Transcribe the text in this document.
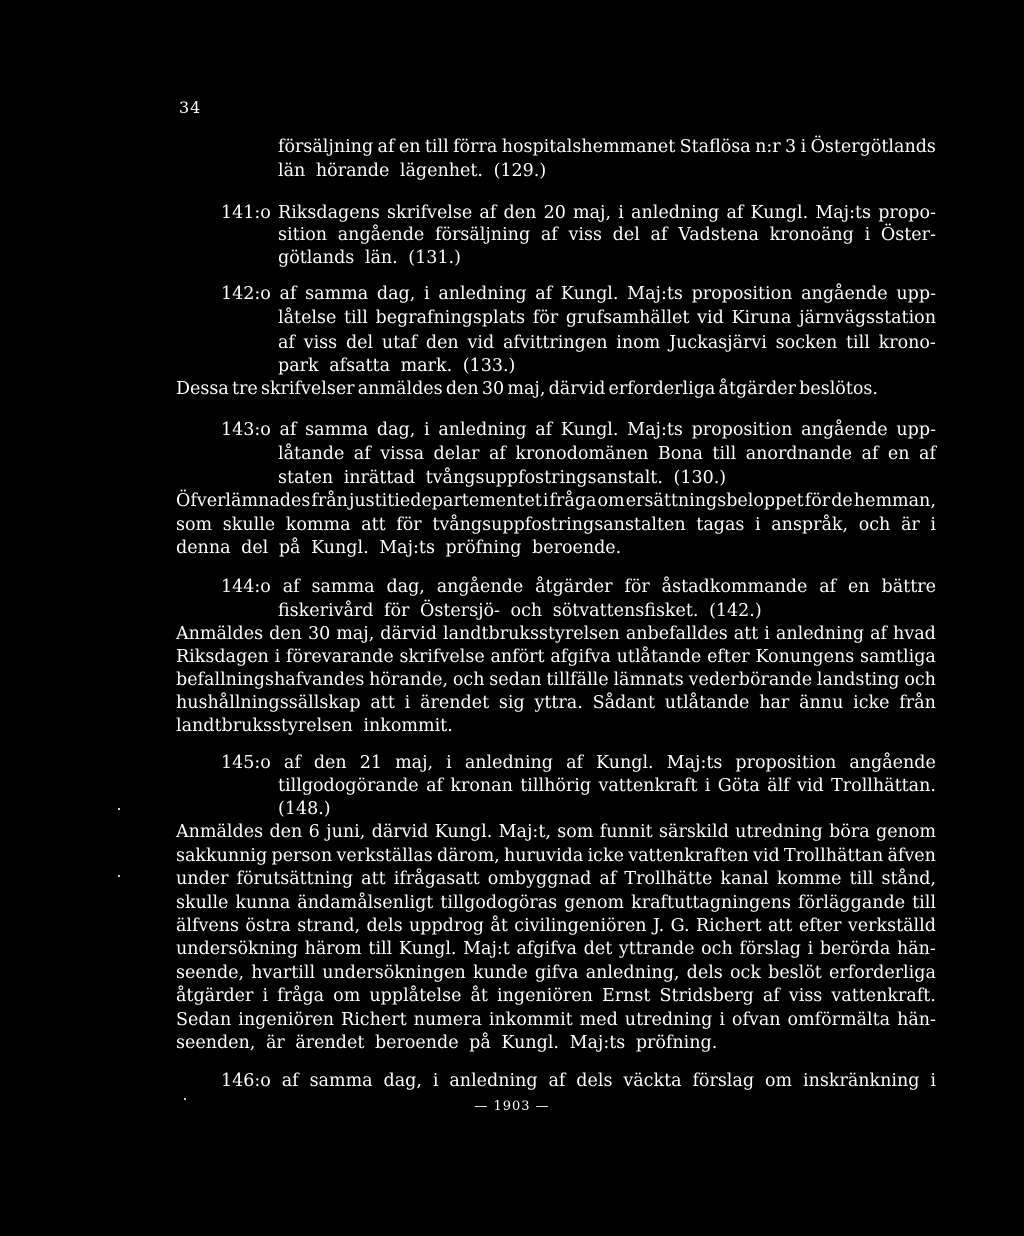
34
försäljning af en till förra hospitalshemmanet Staflösa n:r 3 i Östergötlands
län hörande lägenhet. (129.)
141:o Riksdagens skrifvelse af den 20 maj, i anledning af Kungl. Maj:ts propo-
sition angående försäljning af viss del af Vadstena kronoäng i Öster-
götlands län. (131.)
142:o af samma dag, i anledning af Kungl. Maj:ts proposition angående upp-
låtelse till begrafningsplats för grufsamhället vid Kiruna järnvägsstation
af viss del utaf den vid afvittringen inom Juckasjärvi socken till krono-
park afsatta mark. (133.)
Dessa tre skrifvelser anmäldes den 30 maj, därvid erforderliga åtgärder beslötos.
143:o af samma dag, i anledning af Kungl. Maj:ts proposition angående upp-
låtande af vissa delar af kronodomänen Bona till anordnande af en af
staten inrättad tvångsuppfostringsanstalt. (130.)
Öfverlämnades från justitiedepartementet i fråga om ersättningsbeloppet för de hemman,
som skulle komma att för tvångsuppfostringsanstalten tagas i anspråk, och är i
denna del på Kungl. Maj:ts pröfning beroende.
144:o af samma dag, angående åtgärder för åstadkommande af en bättre
fiskerivård för Östersjö- och sötvattensfisket. (142.)
Anmäldes den 30 maj, därvid landtbruksstyrelsen anbefalldes att i anledning af hvad
Riksdagen i förevarande skrifvelse anfört afgifva utlåtande efter Konungens samtliga
befallningshafvandes hörande, och sedan tillfälle lämnats vederbörande landsting och
hushållningssällskap att i ärendet sig yttra. Sådant utlåtande har ännu icke från
landtbruksstyrelsen inkommit.
145:o af den 21 maj, i anledning af Kungl. Maj:ts proposition angående
tillgodogörande af kronan tillhörig vattenkraft i Göta älf vid Trollhättan.
(148.)
Anmäldes den 6 juni, därvid Kungl. Maj:t, som funnit särskild utredning böra genom
sakkunnig person verkställas därom, huruvida icke vattenkraften vid Trollhättan äfven
under förutsättning att ifrågasatt ombyggnad af Trollhätte kanal komme till stånd,
skulle kunna ändamålsenligt tillgodogöras genom kraftuttagningens förläggande till
älfvens östra strand, dels uppdrog åt civilingeniören J. G. Richert att efter verkställd
undersökning härom till Kungl. Maj:t afgifva det yttrande och förslag i berörda hän-
seende, hvartill undersökningen kunde gifva anledning, dels ock beslöt erforderliga
åtgärder i fråga om upplåtelse åt ingeniören Ernst Stridsberg af viss vattenkraft.
Sedan ingeniören Richert numera inkommit med utredning i ofvan omförmälta hän-
seenden, är ärendet beroende på Kungl. Maj:ts pröfning.
146:o af samma dag, i anledning af dels väckta förslag om inskränkning i
— 1903 —
